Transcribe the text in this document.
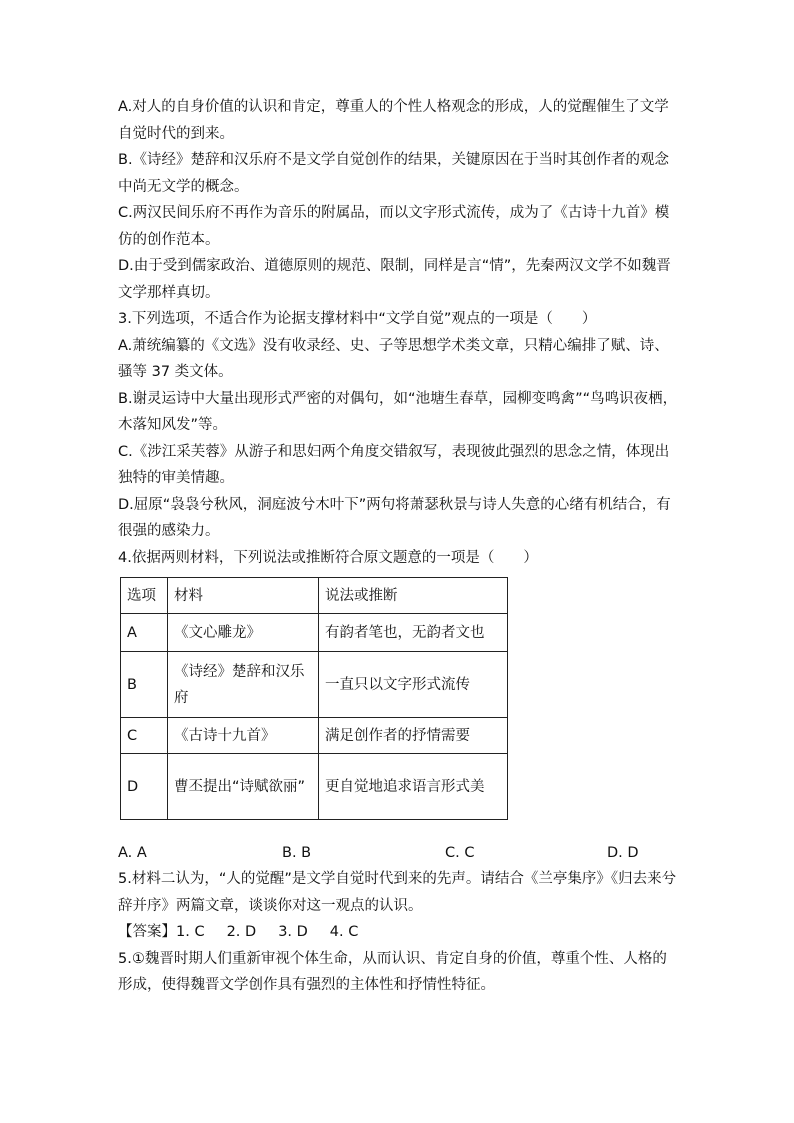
A.对人的自身价值的认识和肯定，尊重人的个性人格观念的形成，人的觉醒催生了文学自觉时代的到来。

B.《诗经》楚辞和汉乐府不是文学自觉创作的结果，关键原因在于当时其创作者的观念中尚无文学的概念。

C.两汉民间乐府不再作为音乐的附属品，而以文字形式流传，成为了《古诗十九首》模仿的创作范本。

D.由于受到儒家政治、道德原则的规范、限制，同样是言“情”，先秦两汉文学不如魏晋文学那样真切。

3.下列选项，不适合作为论据支撑材料中“文学自觉”观点的一项是（　　）

A.萧统编纂的《文选》没有收录经、史、子等思想学术类文章，只精心编排了赋、诗、骚等 37 类文体。

B.谢灵运诗中大量出现形式严密的对偶句，如“池塘生春草，园柳变鸣禽”“鸟鸣识夜栖，木落知风发”等。

C.《涉江采芙蓉》从游子和思妇两个角度交错叙写，表现彼此强烈的思念之情，体现出独特的审美情趣。

D.屈原“袅袅兮秋风，洞庭波兮木叶下”两句将萧瑟秋景与诗人失意的心绪有机结合，有很强的感染力。

4.依据两则材料，下列说法或推断符合原文题意的一项是（　　）

选项	材料	说法或推断
A	《文心雕龙》	有韵者笔也，无韵者文也
B	《诗经》楚辞和汉乐府	一直只以文字形式流传
C	《古诗十九首》	满足创作者的抒情需要
D	曹丕提出“诗赋欲丽”	更自觉地追求语言形式美
A. A	B. B	C. C	D. D

5.材料二认为，“人的觉醒”是文学自觉时代到来的先声。请结合《兰亭集序》《归去来兮辞并序》两篇文章，谈谈你对这一观点的认识。

【答案】1. C 2. D 3. D 4. C

5.①魏晋时期人们重新审视个体生命，从而认识、肯定自身的价值，尊重个性、人格的形成，使得魏晋文学创作具有强烈的主体性和抒情性特征。
